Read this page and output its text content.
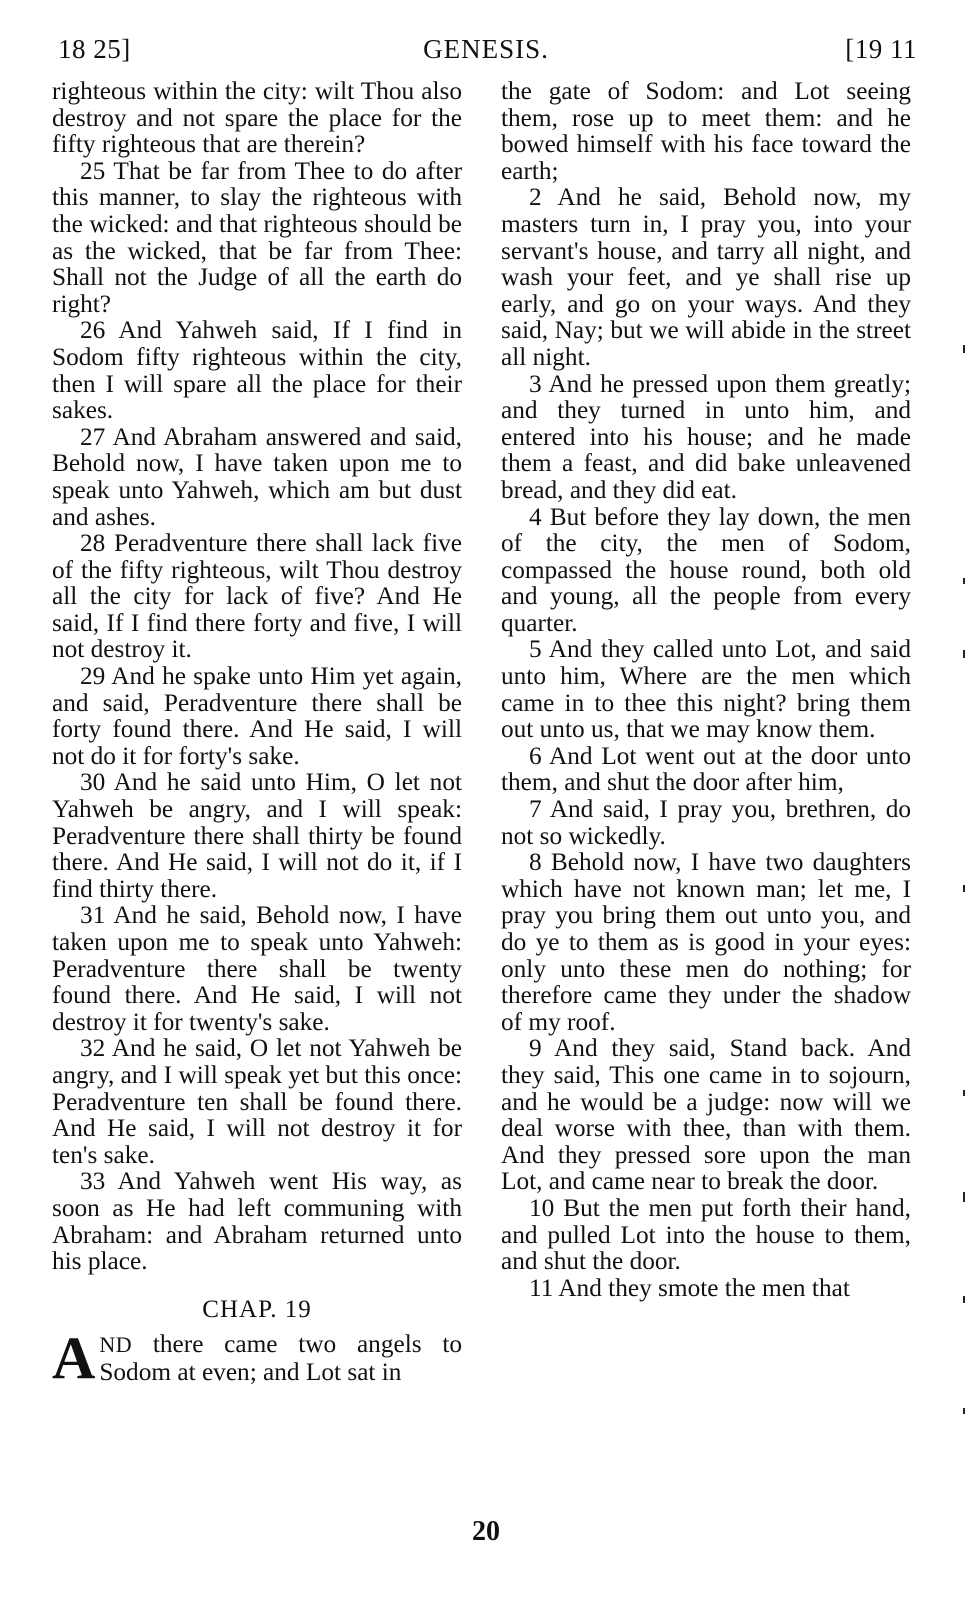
18 25]	GENESIS.	[19 11

righteous within the city: wilt Thou also destroy and not spare the place for the fifty righteous that are therein?

25 That be far from Thee to do after this manner, to slay the righteous with the wicked: and that righteous should be as the wicked, that be far from Thee: Shall not the Judge of all the earth do right?

26 And Yahweh said, If I find in Sodom fifty righteous within the city, then I will spare all the place for their sakes.

27 And Abraham answered and said, Behold now, I have taken upon me to speak unto Yahweh, which am but dust and ashes.

28 Peradventure there shall lack five of the fifty righteous, wilt Thou destroy all the city for lack of five? And He said, If I find there forty and five, I will not destroy it.

29 And he spake unto Him yet again, and said, Peradventure there shall be forty found there. And He said, I will not do it for forty's sake.

30 And he said unto Him, O let not Yahweh be angry, and I will speak: Peradventure there shall thirty be found there. And He said, I will not do it, if I find thirty there.

31 And he said, Behold now, I have taken upon me to speak unto Yahweh: Peradventure there shall be twenty found there. And He said, I will not destroy it for twenty's sake.

32 And he said, O let not Yahweh be angry, and I will speak yet but this once: Peradventure ten shall be found there. And He said, I will not destroy it for ten's sake.

33 And Yahweh went His way, as soon as He had left communing with Abraham: and Abraham returned unto his place.

CHAP. 19

AND there came two angels to Sodom at even; and Lot sat in

the gate of Sodom: and Lot seeing them, rose up to meet them: and he bowed himself with his face toward the earth;

2 And he said, Behold now, my masters turn in, I pray you, into your servant's house, and tarry all night, and wash your feet, and ye shall rise up early, and go on your ways. And they said, Nay; but we will abide in the street all night.

3 And he pressed upon them greatly; and they turned in unto him, and entered into his house; and he made them a feast, and did bake unleavened bread, and they did eat.

4 But before they lay down, the men of the city, the men of Sodom, compassed the house round, both old and young, all the people from every quarter.

5 And they called unto Lot, and said unto him, Where are the men which came in to thee this night? bring them out unto us, that we may know them.

6 And Lot went out at the door unto them, and shut the door after him,

7 And said, I pray you, brethren, do not so wickedly.

8 Behold now, I have two daughters which have not known man; let me, I pray you bring them out unto you, and do ye to them as is good in your eyes: only unto these men do nothing; for therefore came they under the shadow of my roof.

9 And they said, Stand back. And they said, This one came in to sojourn, and he would be a judge: now will we deal worse with thee, than with them. And they pressed sore upon the man Lot, and came near to break the door.

10 But the men put forth their hand, and pulled Lot into the house to them, and shut the door.

11 And they smote the men that

20
